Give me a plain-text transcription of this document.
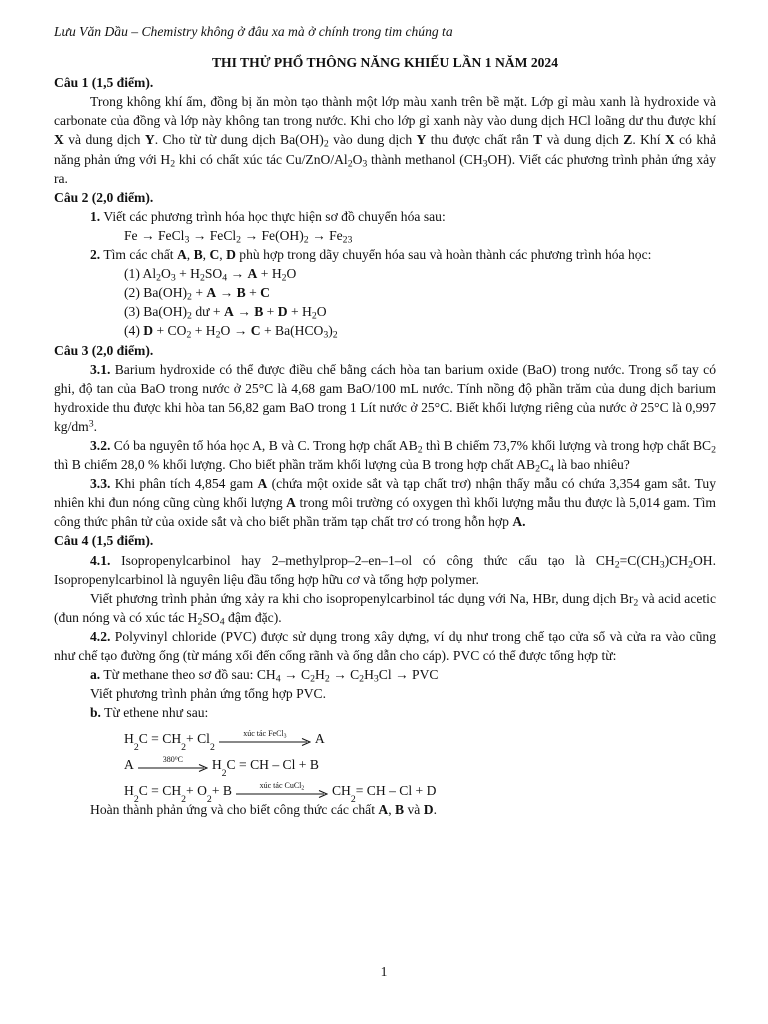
Lưu Văn Dầu – Chemistry không ở đâu xa mà ở chính trong tim chúng ta

THI THỬ PHỔ THÔNG NĂNG KHIẾU LẦN 1 NĂM 2024

Câu 1 (1,5 điểm).

Trong không khí ẩm, đồng bị ăn mòn tạo thành một lớp màu xanh trên bề mặt. Lớp gỉ màu xanh là hydroxide và carbonate của đồng và lớp này không tan trong nước. Khi cho lớp gỉ xanh này vào dung dịch HCl loãng dư thu được khí X và dung dịch Y. Cho từ từ dung dịch $Ba(OH)_2$ vào dung dịch Y thu được chất rắn T và dung dịch Z. Khí X có khả năng phản ứng với $H_2$ khi có chất xúc tác $Cu/ZnO/Al_2O_3$ thành methanol $(CH_3OH)$. Viết các phương trình phản ứng xảy ra.

Câu 2 (2,0 điểm).

1. Viết các phương trình hóa học thực hiện sơ đồ chuyển hóa sau:

Fe → FeCl$_3$ → FeCl$_2$ → $Fe(OH)_2 \to Fe_{23}$

2. Tìm các chất A, B, C, D phù hợp trong dãy chuyển hóa sau và hoàn thành các phương trình hóa học:

(1) $Al_2O_3 + H_2SO_4 \to A + H_2O$

(2) $Ba(OH)_2 + A \to B + C$

(3) $Ba(OH)_2$ dư + $A \to B + D + H_2O$

(4) $D + CO_2 + H_2O \to C + Ba(HCO_3)_2$

Câu 3 (2,0 điểm).

3.1. Barium hydroxide có thể được điều chế bằng cách hòa tan barium oxide (BaO) trong nước. Trong sổ tay có ghi, độ tan của BaO trong nước ở 25°C là 4,68 gam BaO/100 mL nước. Tính nồng độ phần trăm của dung dịch barium hydroxide thu được khi hòa tan 56,82 gam BaO trong 1 Lít nước ở 25°C. Biết khối lượng riêng của nước ở 25°C là 0,997 $kg/dm^3$.

3.2. Có ba nguyên tố hóa học A, B và C. Trong hợp chất $AB_2$ thì B chiếm 73,7% khối lượng và trong hợp chất $BC_2$ thì B chiếm 28,0 % khối lượng. Cho biết phần trăm khối lượng của B trong hợp chất $AB_2C_4$ là bao nhiêu?

3.3. Khi phân tích 4,854 gam A (chứa một oxide sắt và tạp chất trơ) nhận thấy mẫu có chứa 3,354 gam sắt. Tuy nhiên khi đun nóng cũng cùng khối lượng A trong môi trường có oxygen thì khối lượng mẫu thu được là 5,014 gam. Tìm công thức phân tử của oxide sắt và cho biết phần trăm tạp chất trơ có trong hỗn hợp A.

Câu 4 (1,5 điểm).

4.1. Isopropenylcarbinol hay 2–methylprop–2–en–1–ol có công thức cấu tạo là $CH_2=C(CH_3)CH_2OH$. Isopropenylcarbinol là nguyên liệu đầu tổng hợp hữu cơ và tổng hợp polymer.

Viết phương trình phản ứng xảy ra khi cho isopropenylcarbinol tác dụng với Na, HBr, dung dịch $Br_2$ và acid acetic (đun nóng và có xúc tác $H_2SO_4$ đậm đặc).

4.2. Polyvinyl chloride (PVC) được sử dụng trong xây dựng, ví dụ như trong chế tạo cửa sổ và cửa ra vào cũng như chế tạo đường ống (từ máng xối đến cống rãnh và ống dẫn cho cáp). PVC có thể được tổng hợp từ:

a. Từ methane theo sơ đồ sau: $CH_4 \to C_2H_2 \to C_2H_3Cl$ → PVC

Viết phương trình phản ứng tổng hợp PVC.

b. Từ ethene như sau:

H
2
C = CH
2
+ Cl
2
xúc tác FeCl$_3$ A
A	380$^o$C H
2
C = CH – Cl + B
H
2
C = CH
2
+ O
2
+ B	xúc tác CuCl$_2$ CH
2
= CH – Cl + D

Hoàn thành phản ứng và cho biết công thức các chất A, B và D.

1
